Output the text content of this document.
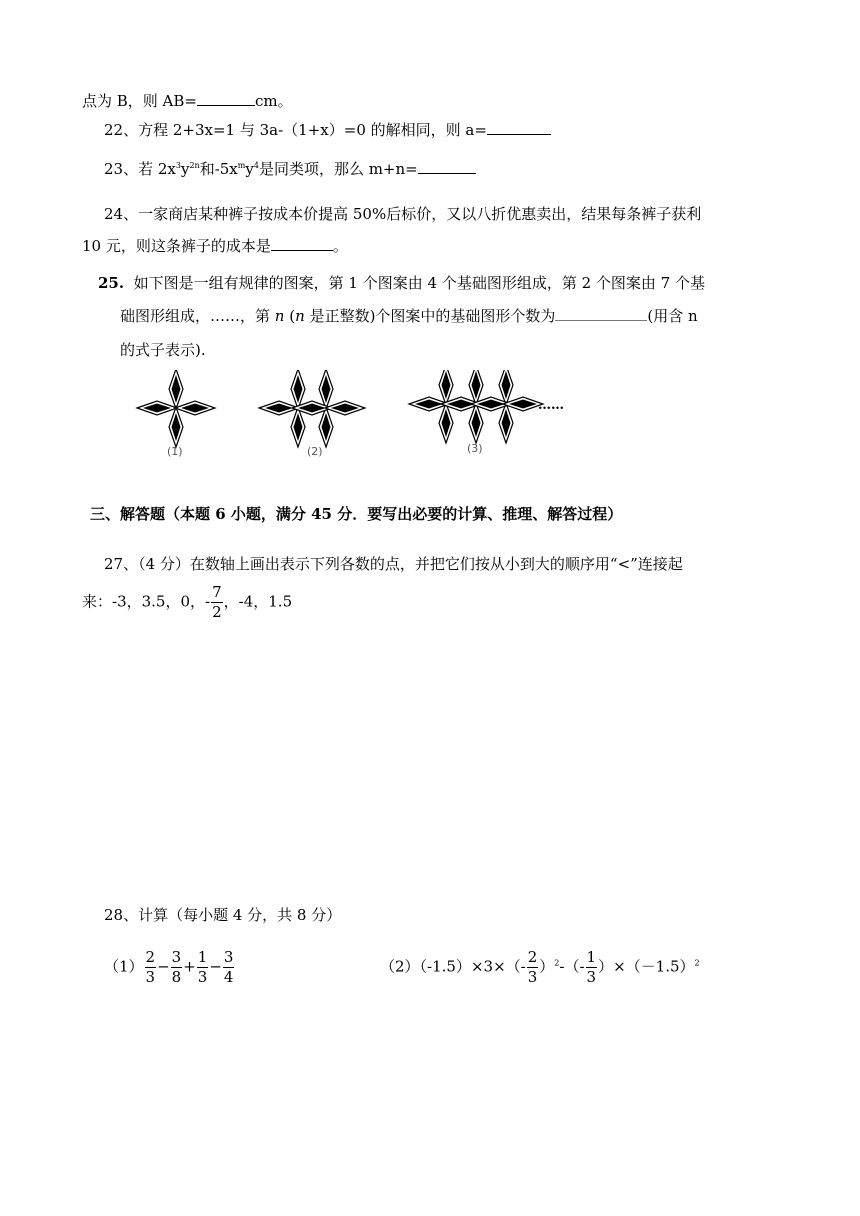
点为 B，则 AB=	cm。
22、方程 2+3x=1 与 3a-（1+x）=0 的解相同，则 a=
23、若 $2x^3y^{2n}$和$-5x^my^4$是同类项，那么 m+n=
24、一家商店某种裤子按成本价提高 50%后标价，又以八折优惠卖出，结果每条裤子获利
10 元，则这条裤子的成本是	。
25. 如下图是一组有规律的图案，第 1 个图案由 4 个基础图形组成，第 2 个图案由 7 个基
础图形组成，……，第 n (n 是正整数)个图案中的基础图形个数为	(用含 n
的式子表示).
……
(1)	(2)	(3)
三、解答题（本题 6 小题，满分 45 分．要写出必要的计算、推理、解答过程）
27、（4 分）在数轴上画出表示下列各数的点，并把它们按从小到大的顺序用“<”连接起
来：-3，3.5，0，- $\frac{7}{2}$ ，-4，1.5
28、计算（每小题 4 分，共 8 分）
$(1) \frac{2}{3} - \frac{3}{8} + \frac{1}{3} - \frac{3}{4}$	$(2)(-1.5)\times 3\times(- \frac{2}{3} )^2-(- \frac{1}{3} )\times(-1.5)^2$
